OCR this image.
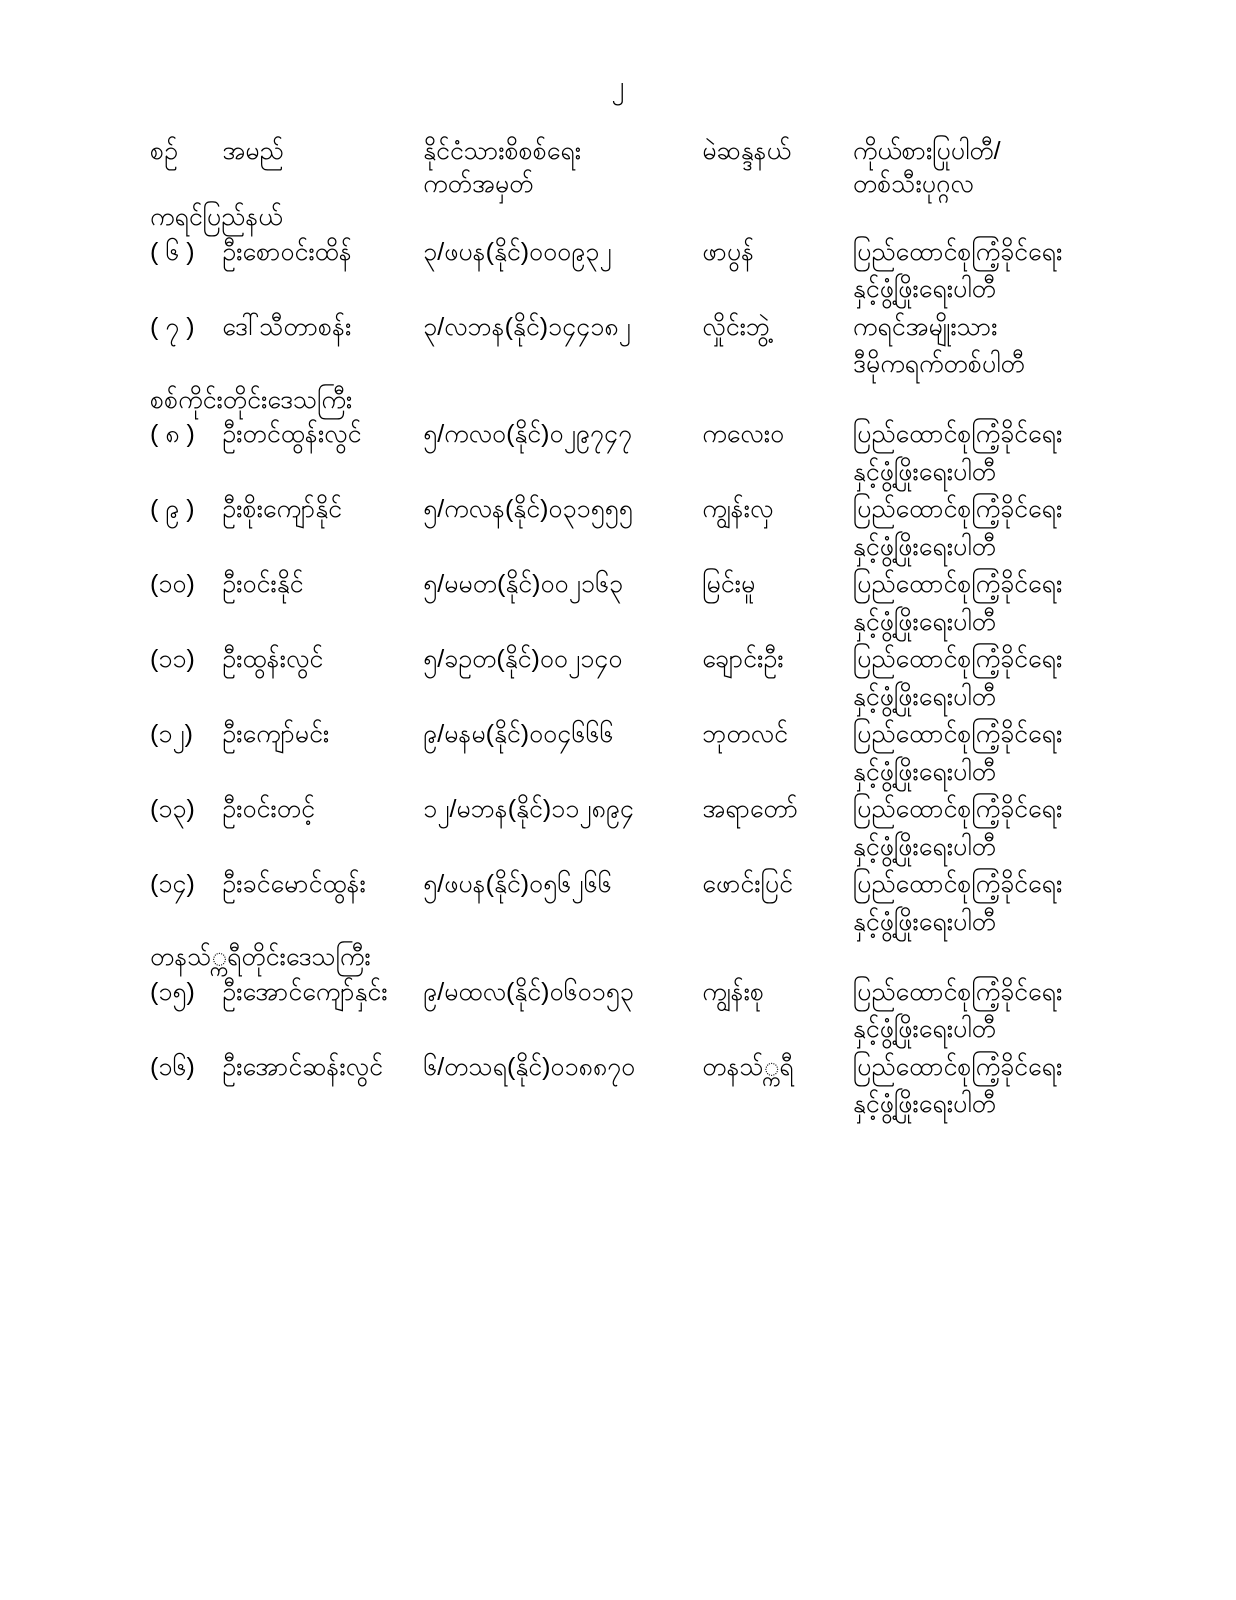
၂
စဥ်	အမည်	နိုင်ငံသားစိစစ်ရေး
ကတ်အမှတ်
	မဲဆန္ဒနယ်	ကိုယ်စားပြုပါတီ/
တစ်သီးပုဂ္ဂလ

ကရင်ပြည်နယ်				
( ၆ )	ဦးစောဝင်းထိန်	၃/ဖပန(နိုင်)၀၀၀၉၃၂	ဖာပွန်	ပြည်ထောင်စုကြံ့ခိုင်ရေး
နှင့်ဖွံ့ဖြိုးရေးပါတီ

( ၇ )	ဒေါ်သီတာစန်း	၃/လဘန(နိုင်)၁၄၄၁၈၂	လှိုင်းဘွဲ့	ကရင်အမျိုးသား
ဒီမိုကရက်တစ်ပါတီ

စစ်ကိုင်းတိုင်းဒေသကြီး				
( ၈ )	ဦးတင်ထွန်းလွင်	၅/ကလဝ(နိုင်)၀၂၉၇၄၇	ကလေးဝ	ပြည်ထောင်စုကြံ့ခိုင်ရေး
နှင့်ဖွံ့ဖြိုးရေးပါတီ

( ၉ )	ဦးစိုးကျော်နိုင်	၅/ကလန(နိုင်)၀၃၁၅၅၅	ကျွန်းလှ	ပြည်ထောင်စုကြံ့ခိုင်ရေး
နှင့်ဖွံ့ဖြိုးရေးပါတီ

(၁၀)	ဦးဝင်းနိုင်	၅/မမတ(နိုင်)၀၀၂၁၆၃	မြင်းမူ	ပြည်ထောင်စုကြံ့ခိုင်ရေး
နှင့်ဖွံ့ဖြိုးရေးပါတီ

(၁၁)	ဦးထွန်းလွင်	၅/ခဥတ(နိုင်)၀၀၂၁၄၀	ချောင်းဦး	ပြည်ထောင်စုကြံ့ခိုင်ရေး
နှင့်ဖွံ့ဖြိုးရေးပါတီ

(၁၂)	ဦးကျော်မင်း	၉/မနမ(နိုင်)၀၀၄၆၆၆	ဘုတလင်	ပြည်ထောင်စုကြံ့ခိုင်ရေး
နှင့်ဖွံ့ဖြိုးရေးပါတီ

(၁၃)	ဦးဝင်းတင့်	၁၂/မဘန(နိုင်)၁၁၂၈၉၄	အရာတော်	ပြည်ထောင်စုကြံ့ခိုင်ရေး
နှင့်ဖွံ့ဖြိုးရေးပါတီ

(၁၄)	ဦးခင်မောင်ထွန်း	၅/ဖပန(နိုင်)၀၅၆၂၆၆	ဖောင်းပြင်	ပြည်ထောင်စုကြံ့ခိုင်ရေး
နှင့်ဖွံ့ဖြိုးရေးပါတီ

တနသ်္ကရီတိုင်းဒေသကြီး				
(၁၅)	ဦးအောင်ကျော်နှင်း	၉/မထလ(နိုင်)၀၆၀၁၅၃	ကျွန်းစု	ပြည်ထောင်စုကြံ့ခိုင်ရေး
နှင့်ဖွံ့ဖြိုးရေးပါတီ

(၁၆)	ဦးအောင်ဆန်းလွင်	၆/တသရ(နိုင်)၀၁၈၈၇၀	တနသ်္ကရီ	ပြည်ထောင်စုကြံ့ခိုင်ရေး
နှင့်ဖွံ့ဖြိုးရေးပါတီ
